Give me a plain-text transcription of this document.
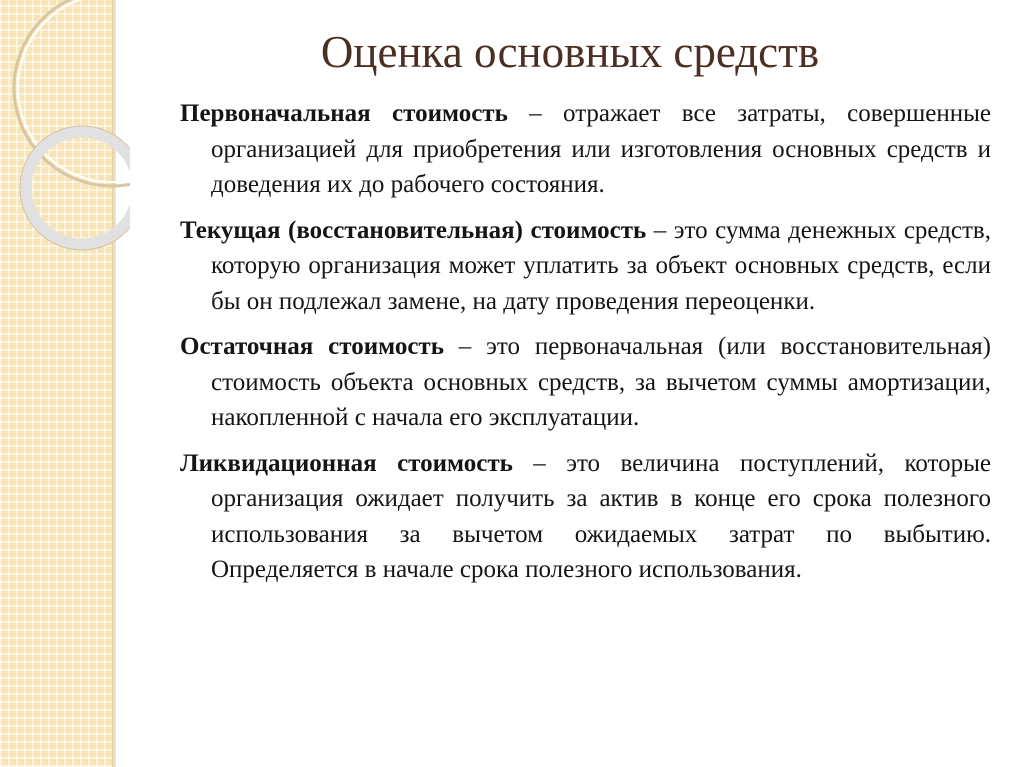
Оценка основных средств

Первоначальная стоимость – отражает все затраты, совершенные организацией для приобретения или изготовления основных средств и доведения их до рабочего состояния.

Текущая (восстановительная) стоимость – это сумма денежных средств, которую организация может уплатить за объект основных средств, если бы он подлежал замене, на дату проведения переоценки.

Остаточная стоимость – это первоначальная (или восстановительная) стоимость объекта основных средств, за вычетом суммы амортизации, накопленной с начала его эксплуатации.

Ликвидационная стоимость – это величина поступлений, которые организация ожидает получить за актив в конце его срока полезного использования за вычетом ожидаемых затрат по выбытию. Определяется в начале срока полезного использования.
